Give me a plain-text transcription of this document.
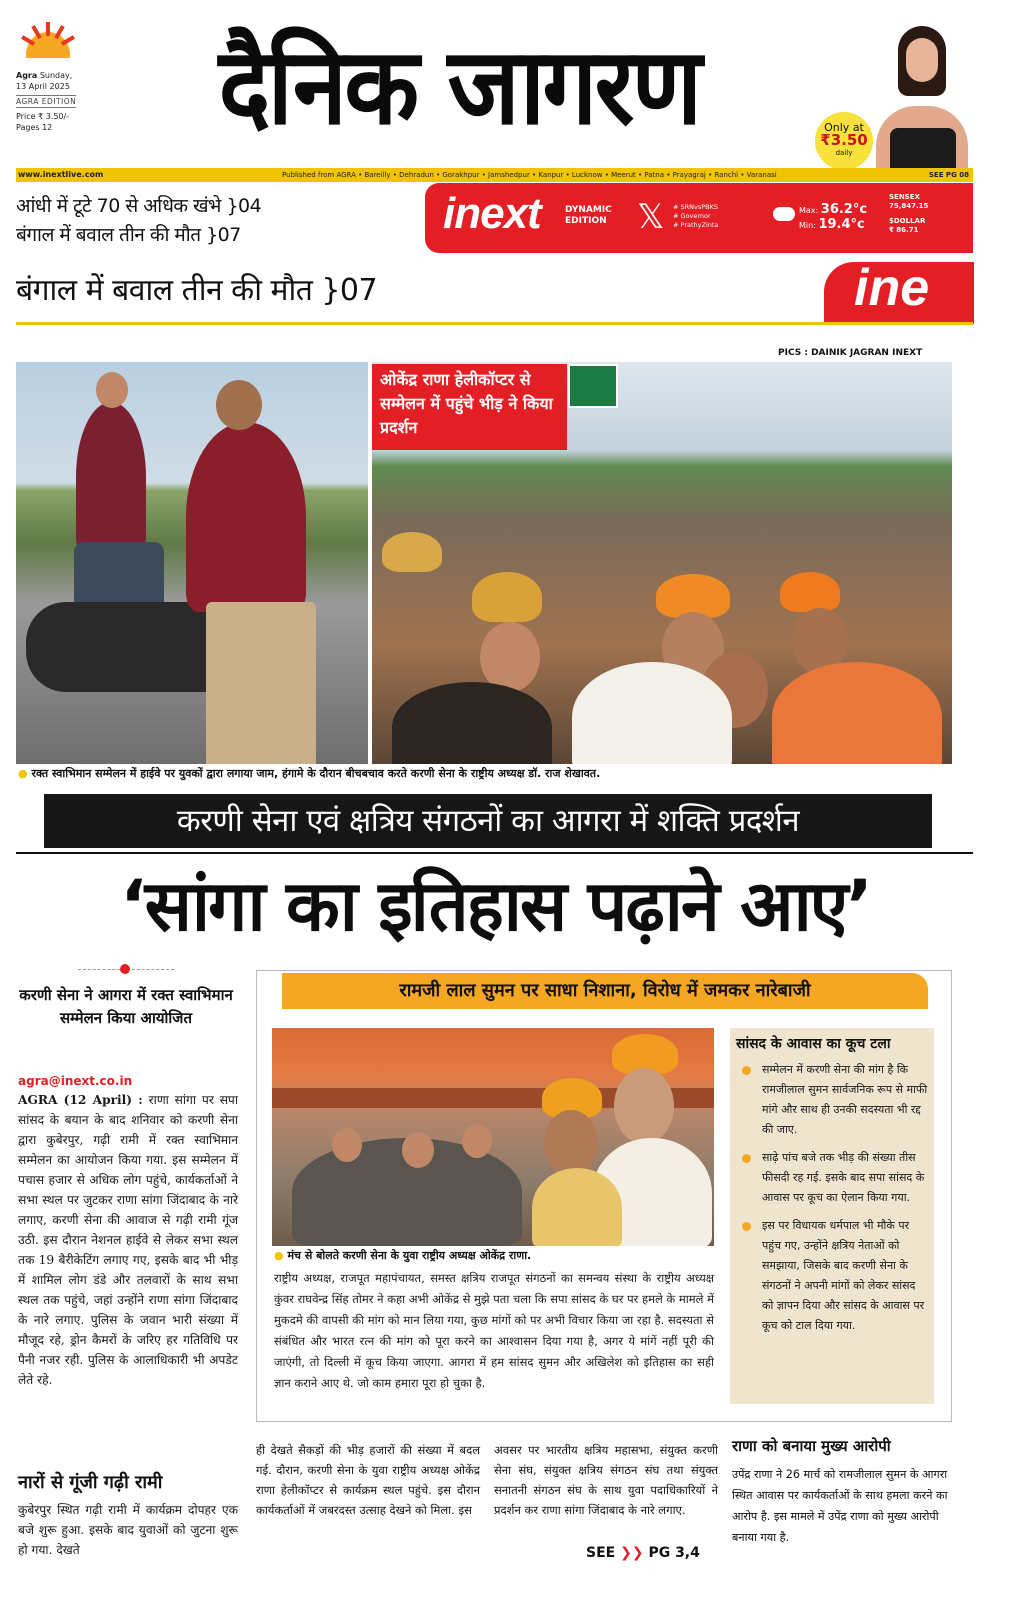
Agra Sunday,
13 April 2025
AGRA EDITION
Price ₹ 3.50/-
Pages 12	दैनिक जागरण	Only at
₹3.50
daily
www.inextlive.com	Published from AGRA • Bareilly • Dehradun • Gorakhpur • Jamshedpur • Kanpur • Lucknow • Meerut • Patna • Prayagraj • Ranchi • Varanasi	SEE PG 08
आंधी में टूटे 70 से अधिक खंभे }04
बंगाल में बवाल तीन की मौत }07	inext	DYNAMIC
EDITION 𝕏 # SRNvsPBKS
# Governor
# PrathyZinta
Max: 36.2°c
Min: 19.4°c
SENSEX
75,847.15
$DOLLAR
₹ 86.71
बंगाल में बवाल तीन की मौत }07	ine
PICS : DAINIK JAGRAN INEXT
ओकेंद्र राणा हेलीकॉप्टर से सम्मेलन में पहुंचे भीड़ ने किया प्रदर्शन
● रक्त स्वाभिमान सम्मेलन में हाईवे पर युवकों द्वारा लगाया जाम, हंगामे के दौरान बीचबचाव करते करणी सेना के राष्ट्रीय अध्यक्ष डॉ. राज शेखावत.
करणी सेना एवं क्षत्रिय संगठनों का आगरा में शक्ति प्रदर्शन
‘सांगा का इतिहास पढ़ाने आए’
करणी सेना ने आगरा में रक्त स्वाभिमान सम्मेलन किया आयोजित
agra@inext.co.in
AGRA (12 April) : राणा सांगा पर सपा सांसद के बयान के बाद शनिवार को करणी सेना द्वारा कुबेरपुर, गढ़ी रामी में रक्त स्वाभिमान सम्मेलन का आयोजन किया गया. इस सम्मेलन में पचास हजार से अधिक लोग पहुंचे, कार्यकर्ताओं ने सभा स्थल पर जुटकर राणा सांगा जिंदाबाद के नारे लगाए, करणी सेना की आवाज से गढ़ी रामी गूंज उठी. इस दौरान नेशनल हाईवे से लेकर सभा स्थल तक 19 बैरीकेटिंग लगाए गए, इसके बाद भी भीड़ में शामिल लोग डंडे और तलवारों के साथ सभा स्थल तक पहुंचे, जहां उन्होंने राणा सांगा जिंदाबाद के नारे लगाए. पुलिस के जवान भारी संख्या में मौजूद रहे, ड्रोन कैमरों के जरिए हर गतिविधि पर पैनी नजर रही. पुलिस के आलाधिकारी भी अपडेट लेते रहे.
नारों से गूंजी गढ़ी रामी
कुबेरपुर स्थित गढ़ी रामी में कार्यक्रम दोपहर एक बजे शुरू हुआ. इसके बाद युवाओं को जुटना शुरू हो गया. देखते
रामजी लाल सुमन पर साधा निशाना, विरोध में जमकर नारेबाजी
● मंच से बोलते करणी सेना के युवा राष्ट्रीय अध्यक्ष ओकेंद्र राणा.
राष्ट्रीय अध्यक्ष, राजपूत महापंचायत, समस्त क्षत्रिय राजपूत संगठनों का समन्वय संस्था के राष्ट्रीय अध्यक्ष कुंवर राघवेन्द्र सिंह तोमर ने कहा अभी ओकेंद्र से मुझे पता चला कि सपा सांसद के घर पर हमले के मामले में मुकदमे की वापसी की मांग को मान लिया गया, कुछ मांगों को पर अभी विचार किया जा रहा है. सदस्यता से संबंधित और भारत रत्न की मांग को पूरा करने का आश्वासन दिया गया है, अगर ये मांगें नहीं पूरी की जाएंगी, तो दिल्ली में कूच किया जाएगा. आगरा में हम सांसद सुमन और अखिलेश को इतिहास का सही ज्ञान कराने आए थे. जो काम हमारा पूरा हो चुका है.
सांसद के आवास का कूच टला
सम्मेलन में करणी सेना की मांग है कि रामजीलाल सुमन सार्वजनिक रूप से माफी मांगे और साथ ही उनकी सदस्यता भी रद्द की जाए.
साढ़े पांच बजे तक भीड़ की संख्या तीस फीसदी रह गई. इसके बाद सपा सांसद के आवास पर कूच का ऐलान किया गया.
इस पर विधायक धर्मपाल भी मौके पर पहुंच गए, उन्होंने क्षत्रिय नेताओं को समझाया, जिसके बाद करणी सेना के संगठनों ने अपनी मांगों को लेकर सांसद को ज्ञापन दिया और सांसद के आवास पर कूच को टाल दिया गया.
ही देखते सैकड़ों की भीड़ हजारों की संख्या में बदल गई. दौरान, करणी सेना के युवा राष्ट्रीय अध्यक्ष ओकेंद्र राणा हेलीकॉप्टर से कार्यक्रम स्थल पहुंचे. इस दौरान कार्यकर्ताओं में जबरदस्त उत्साह देखने को मिला. इस
अवसर पर भारतीय क्षत्रिय महासभा, संयुक्त करणी सेना संघ, संयुक्त क्षत्रिय संगठन संघ तथा संयुक्त सनातनी संगठन संघ के साथ युवा पदाधिकारियों ने प्रदर्शन कर राणा सांगा जिंदाबाद के नारे लगाए.
SEE ❯❯ PG 3,4
राणा को बनाया मुख्य आरोपी
उपेंद्र राणा ने 26 मार्च को रामजीलाल सुमन के आगरा स्थित आवास पर कार्यकर्ताओं के साथ हमला करने का आरोप है. इस मामले में उपेंद्र राणा को मुख्य आरोपी बनाया गया है.
